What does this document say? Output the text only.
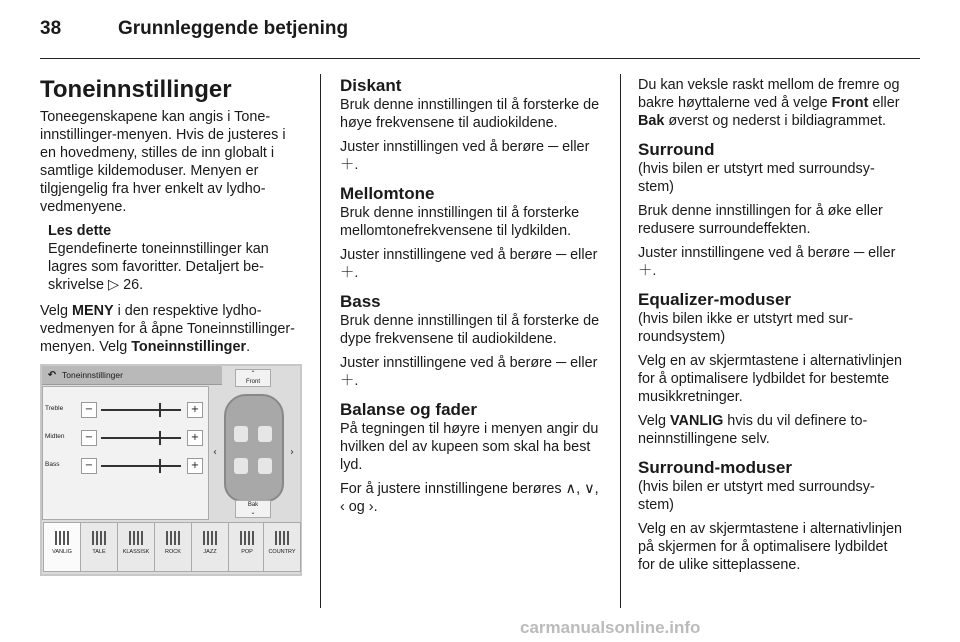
38	Grunnleggende betjening
Toneinnstillinger

Toneegenskapene kan angis i Toneinnstillinger-menyen. Hvis de justeres i en hovedmeny, stilles de inn globalt i samtlige kildemoduser. Menyen er tilgjengelig fra hver enkelt av lydhovedmenyene.

Les dette
Egendefinerte toneinnstillinger kan lagres som favoritter. Detaljert beskrivelse ▷ 26.

Velg MENY i den respektive lydhovedmenyen for å åpne Toneinnstillinger-menyen. Velg Toneinnstillinger.

↶ Toneinnstillinger
Treble	−	+
Midten	−	+
Bass	−	+
⌃
Front
‹	›
Bak
⌄
VANLIG	TALE	KLASSISK	ROCK	JAZZ	POP	COUNTRY
Diskant

Bruk denne innstillingen til å forsterke de høye frekvensene til audiokildene.

Juster innstillingen ved å berøre ─ eller ＋.

Mellomtone

Bruk denne innstillingen til å forsterke mellomtonefrekvensene til lydkilden.

Juster innstillingene ved å berøre ─ eller ＋.

Bass

Bruk denne innstillingen til å forsterke de dype frekvensene til audiokildene.

Juster innstillingene ved å berøre ─ eller ＋.

Balanse og fader

På tegningen til høyre i menyen angir du hvilken del av kupeen som skal ha best lyd.

For å justere innstillingene berøres ∧, ∨, ‹ og ›.

Du kan veksle raskt mellom de fremre og bakre høyttalerne ved å velge Front eller Bak øverst og nederst i bildiagrammet.

Surround

(hvis bilen er utstyrt med surroundsystem)

Bruk denne innstillingen for å øke eller redusere surroundeffekten.

Juster innstillingene ved å berøre ─ eller ＋.

Equalizer-moduser

(hvis bilen ikke er utstyrt med surroundsystem)

Velg en av skjermtastene i alternativlinjen for å optimalisere lydbildet for bestemte musikkretninger.

Velg VANLIG hvis du vil definere toneinnstillingene selv.

Surround-moduser

(hvis bilen er utstyrt med surroundsystem)

Velg en av skjermtastene i alternativlinjen på skjermen for å optimalisere lydbildet for de ulike sitteplassene.

carmanualsonline.info
